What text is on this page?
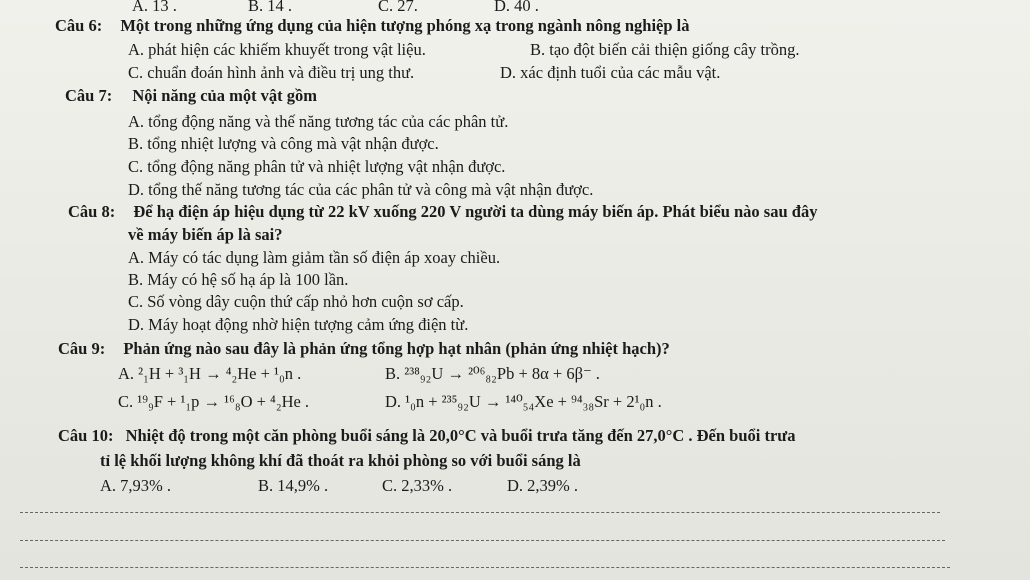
A. 13 .	B. 14 .	C. 27.	D. 40 .
Câu 6: Một trong những ứng dụng của hiện tượng phóng xạ trong ngành nông nghiệp là
A. phát hiện các khiếm khuyết trong vật liệu.	B. tạo đột biến cải thiện giống cây trồng.
C. chuẩn đoán hình ảnh và điều trị ung thư.	D. xác định tuổi của các mẫu vật.
Câu 7: Nội năng của một vật gồm
A. tổng động năng và thế năng tương tác của các phân tử.
B. tổng nhiệt lượng và công mà vật nhận được.
C. tổng động năng phân tử và nhiệt lượng vật nhận được.
D. tổng thế năng tương tác của các phân tử và công mà vật nhận được.
Câu 8: Để hạ điện áp hiệu dụng từ 22 kV xuống 220 V người ta dùng máy biến áp. Phát biểu nào sau đây
về máy biến áp là sai?
A. Máy có tác dụng làm giảm tần số điện áp xoay chiều.
B. Máy có hệ số hạ áp là 100 lần.
C. Số vòng dây cuộn thứ cấp nhỏ hơn cuộn sơ cấp.
D. Máy hoạt động nhờ hiện tượng cảm ứng điện từ.
Câu 9: Phản ứng nào sau đây là phản ứng tổng hợp hạt nhân (phản ứng nhiệt hạch)?
A. ²₁H + ³₁H → ⁴₂He + ¹₀n .	B. ²³⁸₉₂U → ²⁰⁶₈₂Pb + 8α + 6β⁻ .
C. ¹⁹₉F + ¹₁p → ¹⁶₈O + ⁴₂He .	D. ¹₀n + ²³⁵₉₂U → ¹⁴⁰₅₄Xe + ⁹⁴₃₈Sr + 2¹₀n .
Câu 10: Nhiệt độ trong một căn phòng buổi sáng là 20,0°C và buổi trưa tăng đến 27,0°C . Đến buổi trưa
tỉ lệ khối lượng không khí đã thoát ra khỏi phòng so với buổi sáng là
A. 7,93% .	B. 14,9% .	C. 2,33% .	D. 2,39% .
